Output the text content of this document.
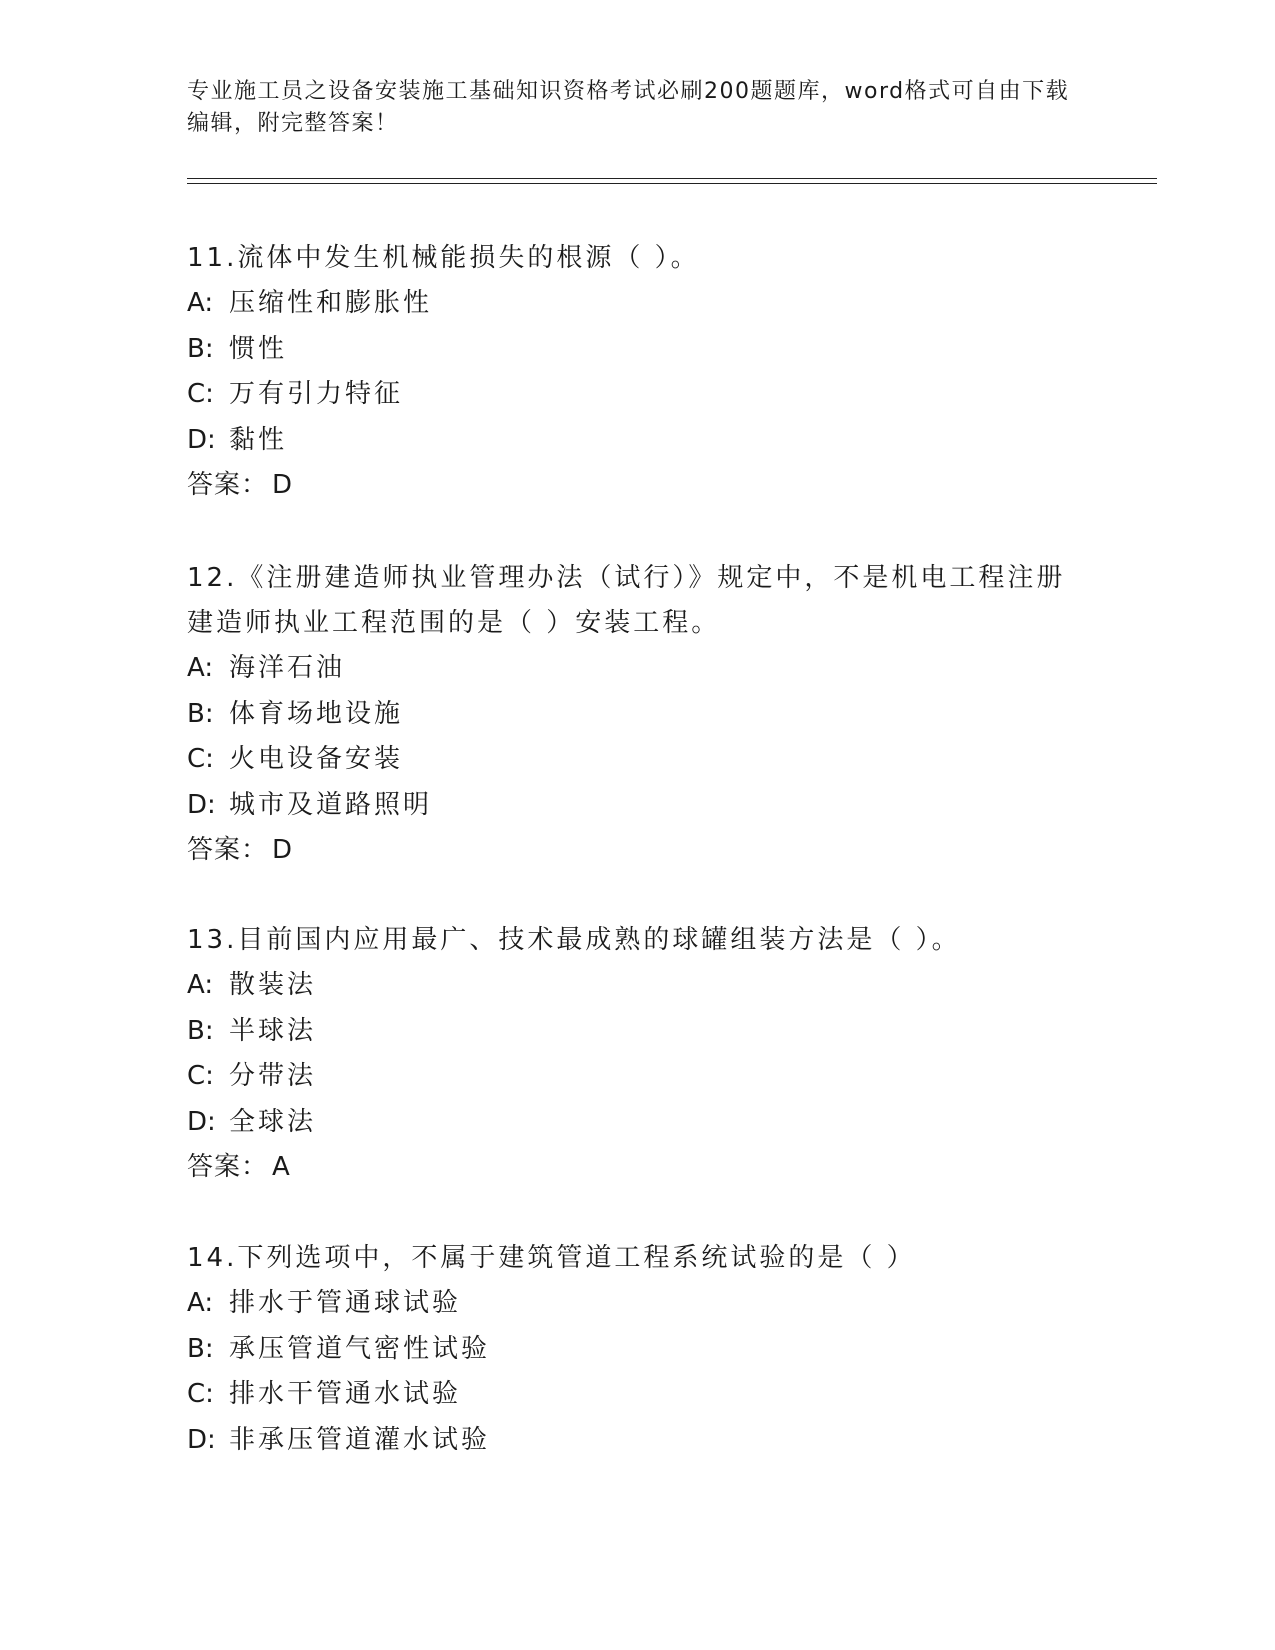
专业施工员之设备安装施工基础知识资格考试必刷200题题库，word格式可自由下载编辑，附完整答案！
11.流体中发生机械能损失的根源（ ）。
A: 压缩性和膨胀性
B: 惯性
C: 万有引力特征
D: 黏性
答案： D
12.《注册建造师执业管理办法（试行）》规定中，不是机电工程注册建造师执业工程范围的是（ ）安装工程。
A: 海洋石油
B: 体育场地设施
C: 火电设备安装
D: 城市及道路照明
答案： D
13.目前国内应用最广、技术最成熟的球罐组装方法是（ ）。
A: 散装法
B: 半球法
C: 分带法
D: 全球法
答案： A
14.下列选项中，不属于建筑管道工程系统试验的是（ ）
A: 排水于管通球试验
B: 承压管道气密性试验
C: 排水干管通水试验
D: 非承压管道灌水试验
